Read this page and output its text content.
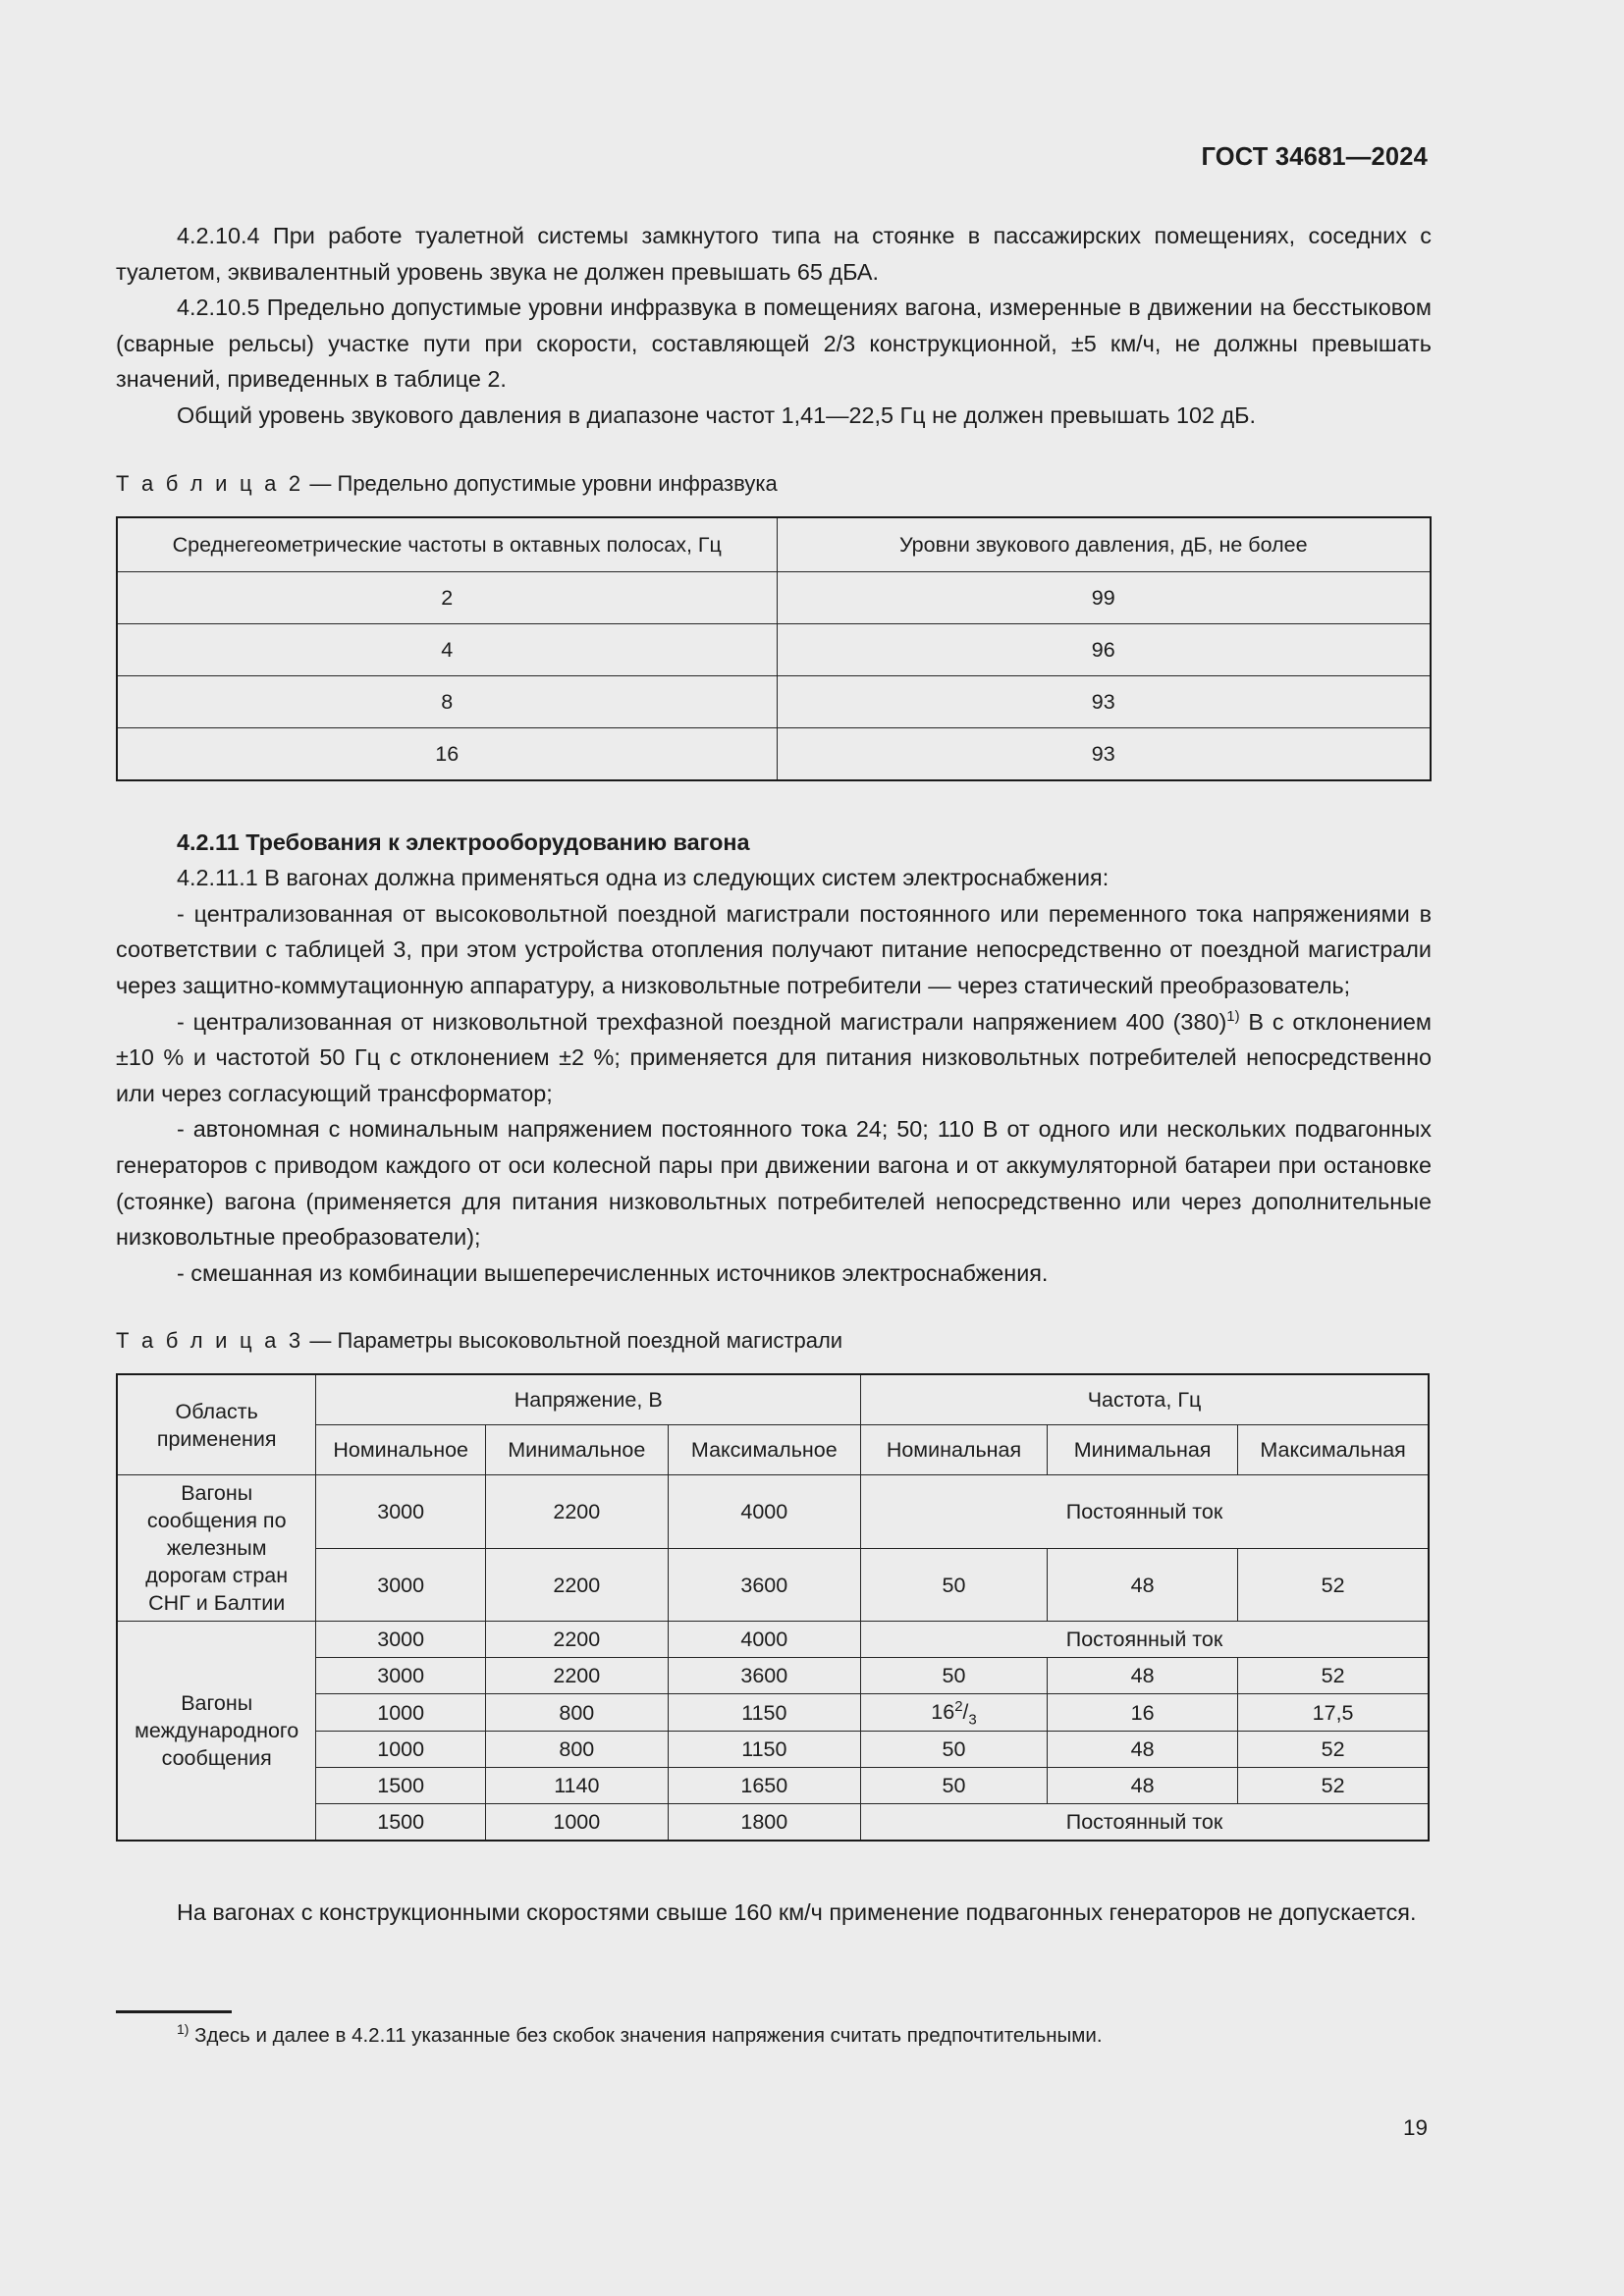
ГОСТ 34681—2024

4.2.10.4 При работе туалетной системы замкнутого типа на стоянке в пассажирских помещениях, соседних с туалетом, эквивалентный уровень звука не должен превышать 65 дБА.

4.2.10.5 Предельно допустимые уровни инфразвука в помещениях вагона, измеренные в движении на бесстыковом (сварные рельсы) участке пути при скорости, составляющей 2/3 конструкционной, ±5 км/ч, не должны превышать значений, приведенных в таблице 2.

Общий уровень звукового давления в диапазоне частот 1,41—22,5 Гц не должен превышать 102 дБ.

Т а б л и ц а 2 — Предельно допустимые уровни инфразвука

Среднегеометрические частоты в октавных полосах, Гц	Уровни звукового давления, дБ, не более
2	99
4	96
8	93
16	93

4.2.11 Требования к электрооборудованию вагона

4.2.11.1 В вагонах должна применяться одна из следующих систем электроснабжения:

- централизованная от высоковольтной поездной магистрали постоянного или переменного тока напряжениями в соответствии с таблицей 3, при этом устройства отопления получают питание непосредственно от поездной магистрали через защитно-коммутационную аппаратуру, а низковольтные потребители — через статический преобразователь;

- централизованная от низковольтной трехфазной поездной магистрали напряжением 400 (380)$^{1)}$ В с отклонением ±10 % и частотой 50 Гц с отклонением ±2 %; применяется для питания низковольтных потребителей непосредственно или через согласующий трансформатор;

- автономная с номинальным напряжением постоянного тока 24; 50; 110 В от одного или нескольких подвагонных генераторов с приводом каждого от оси колесной пары при движении вагона и от аккумуляторной батареи при остановке (стоянке) вагона (применяется для питания низковольтных потребителей непосредственно или через дополнительные низковольтные преобразователи);

- смешанная из комбинации вышеперечисленных источников электроснабжения.

Т а б л и ц а 3 — Параметры высоковольтной поездной магистрали

Область применения	Напряжение, В			Частота, Гц		
	Номинальное	Минимальное	Максимальное	Номинальная	Минимальная	Максимальная
Вагоны сообщения по железным дорогам стран СНГ и Балтии	3000	2200	4000	Постоянный ток		
	3000	2200	3600	50	48	52
Вагоны международного сообщения	3000	2200	4000	Постоянный ток		
	3000	2200	3600	50	48	52
	1000	800	1150	$16^2/_3$	16	17,5
	1000	800	1150	50	48	52
	1500	1140	1650	50	48	52
	1500	1000	1800	Постоянный ток		

На вагонах с конструкционными скоростями свыше 160 км/ч применение подвагонных генераторов не допускается.

$^{1)}$ Здесь и далее в 4.2.11 указанные без скобок значения напряжения считать предпочтительными.

19
